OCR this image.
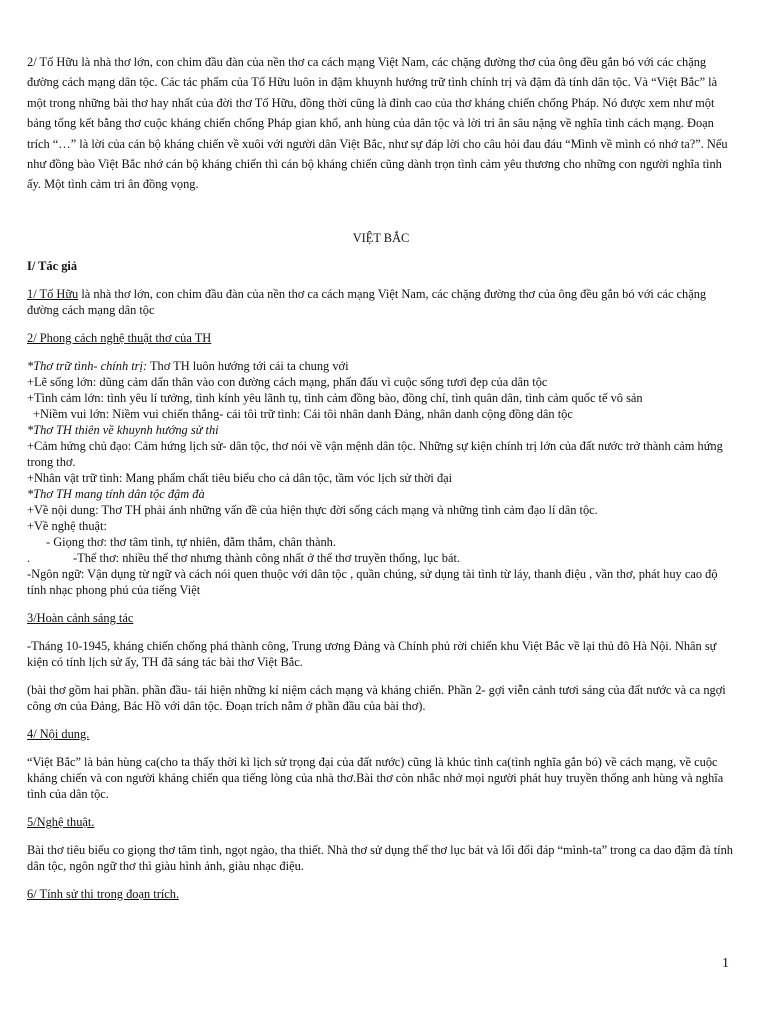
2/ Tố Hữu là nhà thơ lớn, con chim đầu đàn của nền thơ ca cách mạng Việt Nam, các chặng đường thơ của ông đều gắn bó với các chặng đường cách mạng dân tộc. Các tác phẩm của Tố Hữu luôn in đậm khuynh hướng trữ tình chính trị và đậm đà tính dân tộc. Và “Việt Bắc” là một trong những bài thơ hay nhất của đời thơ Tố Hữu, đồng thời cũng là đỉnh cao của thơ kháng chiến chống Pháp. Nó được xem như một bảng tổng kết bằng thơ cuộc kháng chiến chống Pháp gian khổ, anh hùng của dân tộc và lời tri ân sâu nặng về nghĩa tình cách mạng. Đoạn trích “…” là lời của cán bộ kháng chiến về xuôi với người dân Việt Bắc, như sự đáp lời cho câu hỏi đau đáu “Mình về mình có nhớ ta?”. Nếu như đồng bào Việt Bắc nhớ cán bộ kháng chiến thì cán bộ kháng chiến cũng dành trọn tình cảm yêu thương cho những con người nghĩa tình ấy. Một tình cảm tri ân đồng vọng.

VIỆT BẮC

I/ Tác giả

1/ Tố Hữu là nhà thơ lớn, con chim đầu đàn của nền thơ ca cách mạng Việt Nam, các chặng đường thơ của ông đều gắn bó với các chặng đường cách mạng dân tộc

2/ Phong cách nghệ thuật thơ của TH

*Thơ trữ tình- chính trị: Thơ TH luôn hướng tới cái ta chung với

+Lẽ sống lớn: dũng cảm dấn thân vào con đường cách mạng, phấn đấu vì cuộc sống tươi đẹp của dân tộc

+Tình cảm lớn: tình yêu lí tưởng, tình kính yêu lãnh tụ, tình cảm đồng bào, đồng chí, tình quân dân, tình cảm quốc tế vô sản

+Niềm vui lớn: Niềm vui chiến thắng- cái tôi trữ tình: Cái tôi nhân danh Đảng, nhân danh cộng đồng dân tộc

*Thơ TH thiên về khuynh hướng sử thi

+Cảm hứng chủ đạo: Cảm hứng lịch sử- dân tộc, thơ nói về vận mệnh dân tộc. Những sự kiện chính trị lớn của đất nước trở thành cảm hứng trong thơ.

+Nhân vật trữ tình: Mang phẩm chất tiêu biểu cho cả dân tộc, tầm vóc lịch sử thời đại

*Thơ TH mang tính dân tộc đậm đà

+Về nội dung: Thơ TH phải ánh những vấn đề của hiện thực đời sống cách mạng và những tình cảm đạo lí dân tộc.

+Về nghệ thuật:

- Giọng thơ: thơ tâm tình, tự nhiên, đằm thắm, chân thành.

.	-Thể thơ: nhiều thể thơ nhưng thành công nhất ở thể thơ truyền thống, lục bát.

-Ngôn ngữ: Vận dụng từ ngữ và cách nói quen thuộc với dân tộc , quần chúng, sử dụng tài tình từ láy, thanh điệu , vần thơ, phát huy cao độ tính nhạc phong phú của tiếng Việt

3/Hoàn cảnh sáng tác

-Tháng 10-1945, kháng chiến chống phá thành công, Trung ương Đảng và Chính phủ rời chiến khu Việt Bắc về lại thủ đô Hà Nội. Nhân sự kiện có tính lịch sử ấy, TH đã sáng tác bài thơ Việt Bắc.

(bài thơ gồm hai phần. phần đầu- tái hiện những kỉ niệm cách mạng và kháng chiến. Phần 2- gợi viễn cảnh tươi sáng của đất nước và ca ngợi công ơn của Đảng, Bác Hồ với dân tộc. Đoạn trích nằm ở phần đầu của bài thơ).

4/ Nội dung.

“Việt Bắc” là bản hùng ca(cho ta thấy thời kì lịch sử trọng đại của đất nước) cũng là khúc tình ca(tình nghĩa gắn bó) về cách mạng, về cuộc kháng chiến và con người kháng chiến qua tiếng lòng của nhà thơ.Bài thơ còn nhắc nhở mọi người phát huy truyền thống anh hùng và nghĩa tình của dân tộc.

5/Nghệ thuật.

Bài thơ tiêu biểu co giọng thơ tâm tình, ngọt ngào, tha thiết. Nhà thơ sử dụng thể thơ lục bát và lối đối đáp “mình-ta” trong ca dao đậm đà tính dân tộc, ngôn ngữ thơ thì giàu hình ảnh, giàu nhạc điệu.

6/ Tính sử thi trong đoạn trích.

1
